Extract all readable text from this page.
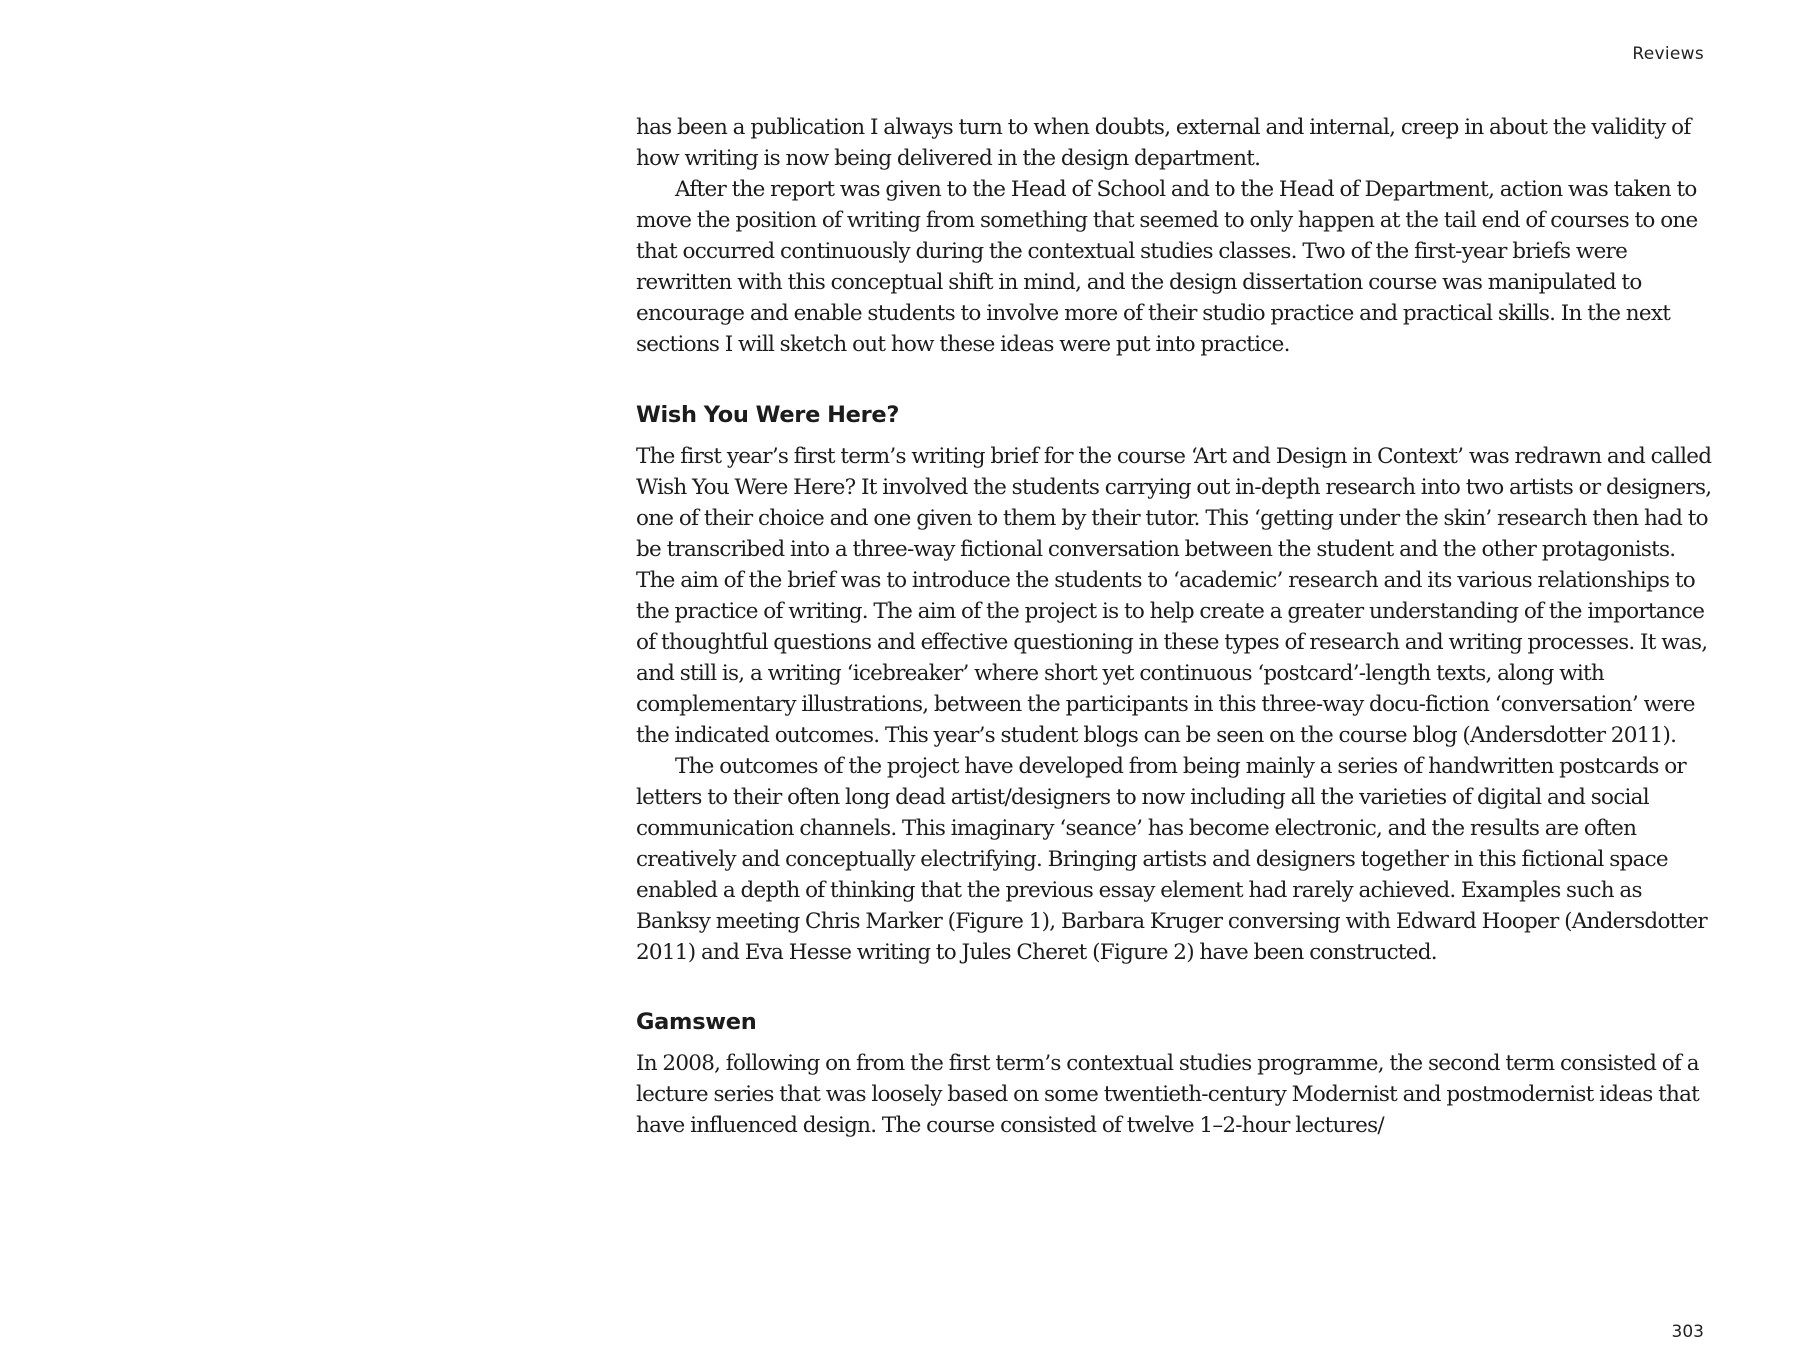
Reviews

has been a publication I always turn to when doubts, external and internal, creep in about the validity of how writing is now being delivered in the design department.

After the report was given to the Head of School and to the Head of Department, action was taken to move the position of writing from something that seemed to only happen at the tail end of courses to one that occurred continuously during the contextual studies classes. Two of the first-year briefs were rewritten with this conceptual shift in mind, and the design dissertation course was manipulated to encourage and enable students to involve more of their studio practice and practical skills. In the next sections I will sketch out how these ideas were put into practice.

Wish You Were Here?

The first year’s first term’s writing brief for the course ‘Art and Design in Context’ was redrawn and called Wish You Were Here? It involved the students carrying out in-depth research into two artists or designers, one of their choice and one given to them by their tutor. This ‘getting under the skin’ research then had to be transcribed into a three-way fictional conversation between the student and the other protagonists. The aim of the brief was to introduce the students to ‘academic’ research and its various relationships to the practice of writing. The aim of the project is to help create a greater understanding of the importance of thoughtful questions and effective questioning in these types of research and writing processes. It was, and still is, a writing ‘icebreaker’ where short yet continuous ‘postcard’-length texts, along with complementary illustrations, between the participants in this three-way docu-fiction ‘conversation’ were the indicated outcomes. This year’s student blogs can be seen on the course blog (Andersdotter 2011).

The outcomes of the project have developed from being mainly a series of handwritten postcards or letters to their often long dead artist/designers to now including all the varieties of digital and social communication channels. This imaginary ‘seance’ has become electronic, and the results are often creatively and conceptually electrifying. Bringing artists and designers together in this fictional space enabled a depth of thinking that the previous essay element had rarely achieved. Examples such as Banksy meeting Chris Marker (Figure 1), Barbara Kruger conversing with Edward Hooper (Andersdotter 2011) and Eva Hesse writing to Jules Cheret (Figure 2) have been constructed.

Gamswen

In 2008, following on from the first term’s contextual studies programme, the second term consisted of a lecture series that was loosely based on some twentieth-century Modernist and postmodernist ideas that have influenced design. The course consisted of twelve 1–2-hour lectures/

303
